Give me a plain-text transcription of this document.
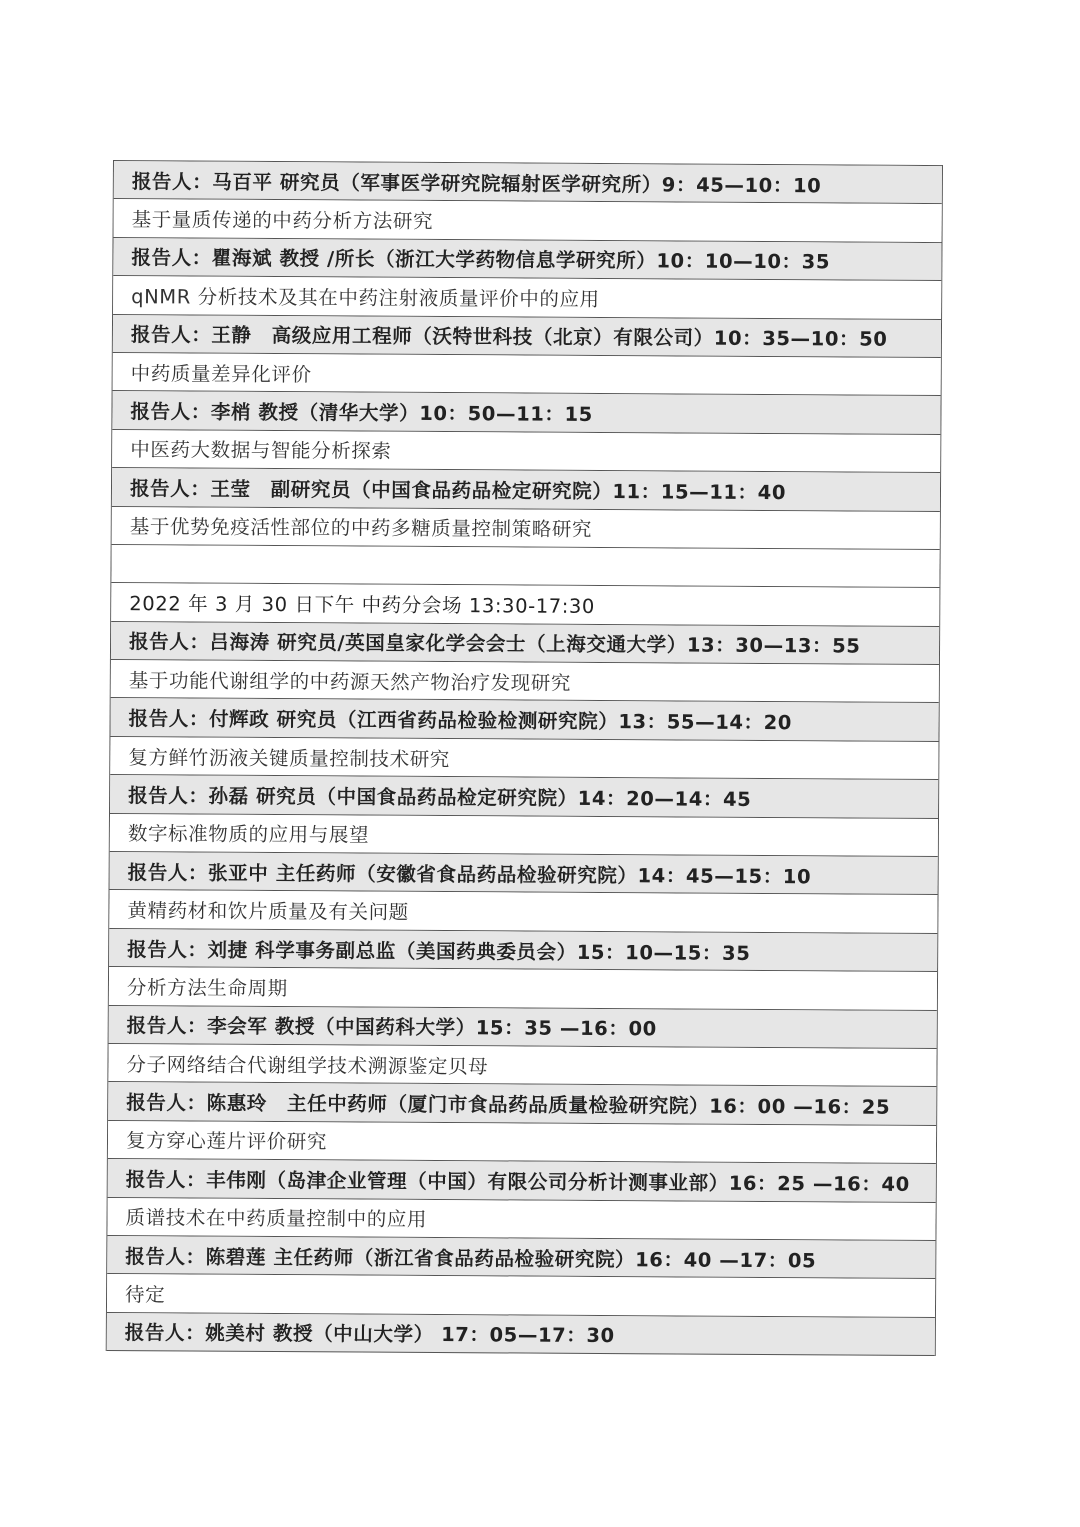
报告人：马百平 研究员（军事医学研究院辐射医学研究所）9：45—10：10
基于量质传递的中药分析方法研究
报告人：瞿海斌 教授 /所长（浙江大学药物信息学研究所）10：10—10：35
qNMR 分析技术及其在中药注射液质量评价中的应用
报告人：王静　高级应用工程师（沃特世科技（北京）有限公司）10：35—10：50
中药质量差异化评价
报告人：李梢 教授（清华大学）10：50—11：15
中医药大数据与智能分析探索
报告人：王莹　副研究员（中国食品药品检定研究院）11：15—11：40
基于优势免疫活性部位的中药多糖质量控制策略研究
2022 年 3 月 30 日下午 中药分会场 13:30-17:30
报告人：吕海涛 研究员/英国皇家化学会会士（上海交通大学）13：30—13：55
基于功能代谢组学的中药源天然产物治疗发现研究
报告人：付辉政 研究员（江西省药品检验检测研究院）13：55—14：20
复方鲜竹沥液关键质量控制技术研究
报告人：孙磊 研究员（中国食品药品检定研究院）14：20—14：45
数字标准物质的应用与展望
报告人：张亚中 主任药师（安徽省食品药品检验研究院）14：45—15：10
黄精药材和饮片质量及有关问题
报告人：刘捷 科学事务副总监（美国药典委员会）15：10—15：35
分析方法生命周期
报告人：李会军 教授（中国药科大学）15：35 —16：00
分子网络结合代谢组学技术溯源鉴定贝母
报告人：陈惠玲　主任中药师（厦门市食品药品质量检验研究院）16：00 —16：25
复方穿心莲片评价研究
报告人：丰伟刚（岛津企业管理（中国）有限公司分析计测事业部）16：25 —16：40
质谱技术在中药质量控制中的应用
报告人：陈碧莲 主任药师（浙江省食品药品检验研究院）16：40 —17：05
待定
报告人：姚美村 教授（中山大学） 17：05—17：30
